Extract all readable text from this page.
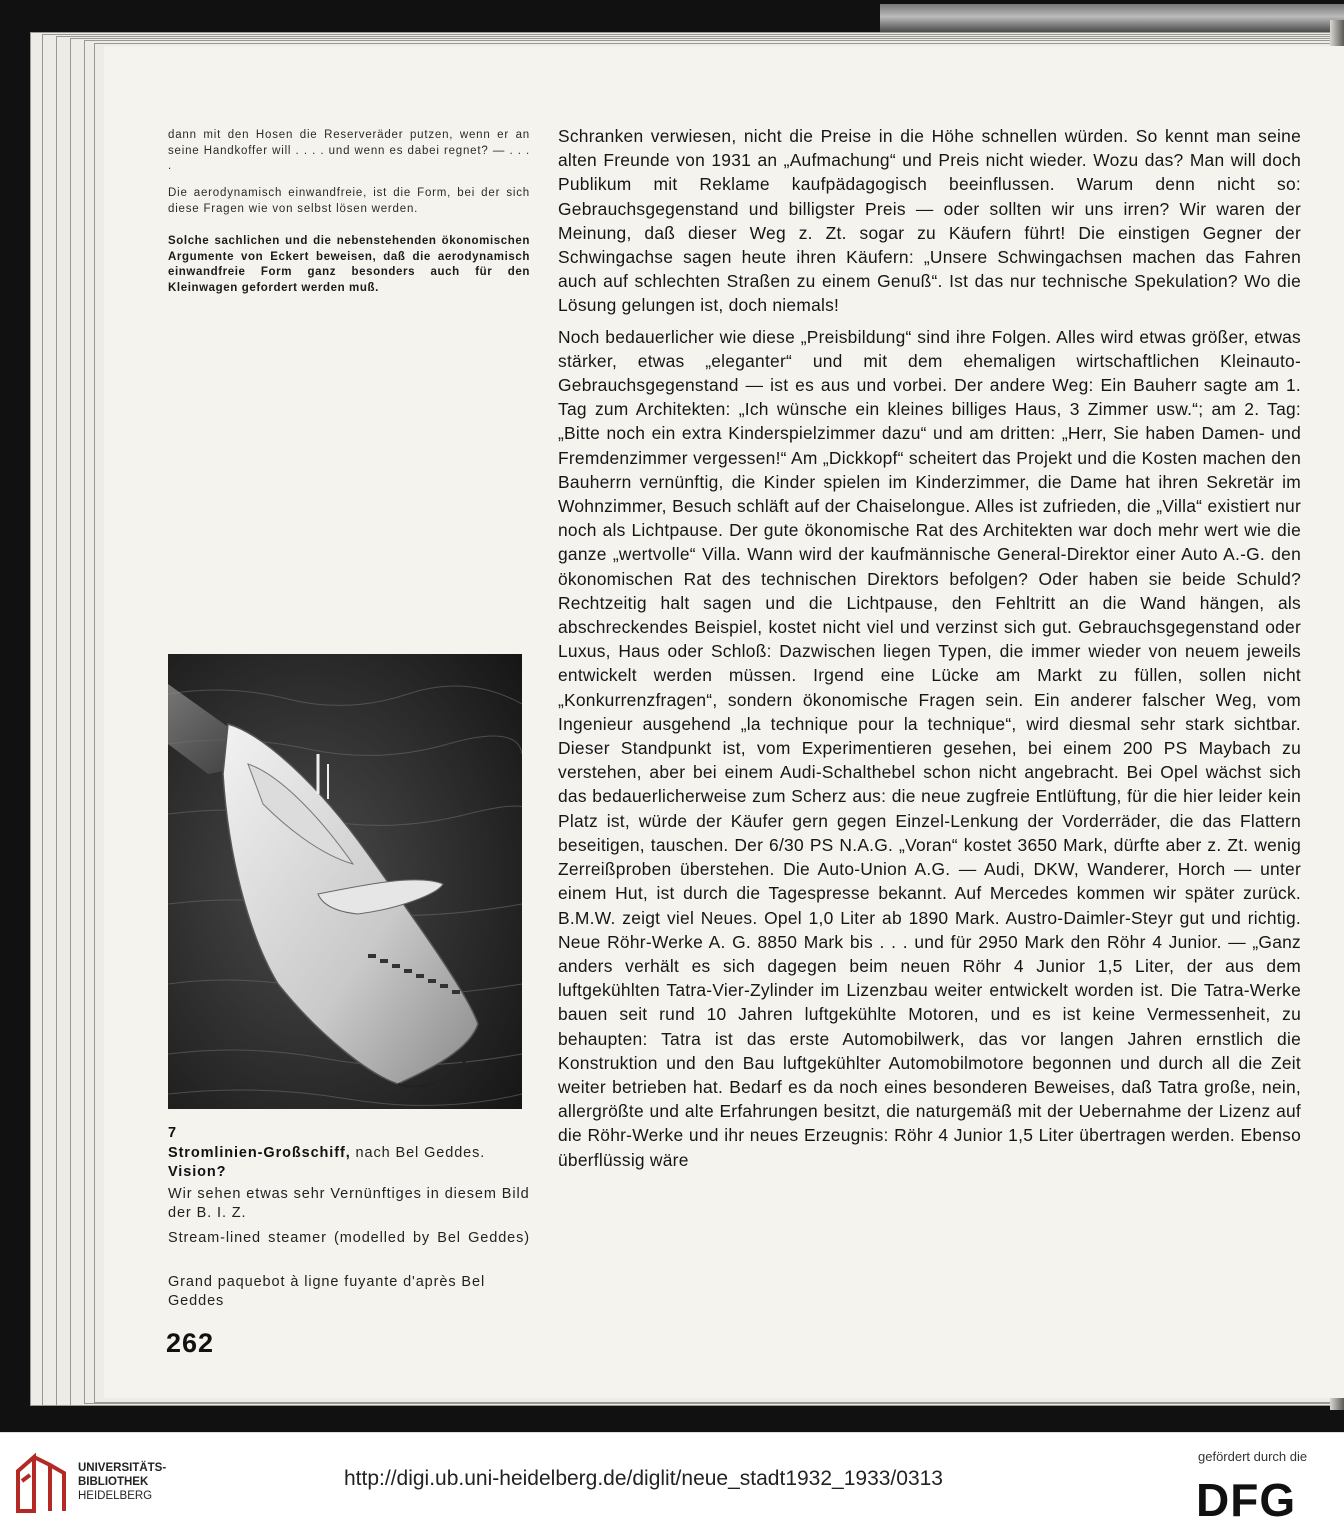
dann mit den Hosen die Reserveräder putzen, wenn er an seine Handkoffer will . . . . und wenn es dabei regnet? — . . . .
Die aerodynamisch einwandfreie, ist die Form, bei der sich diese Fragen wie von selbst lösen werden.
Solche sachlichen und die nebenstehenden ökonomischen Argumente von Eckert beweisen, daß die aerodynamisch einwandfreie Form ganz besonders auch für den Kleinwagen gefordert werden muß.
7
Stromlinien-Großschiff, nach Bel Geddes.
Vision?
Wir sehen etwas sehr Vernünftiges in diesem Bild der B. I. Z.
Stream-lined steamer (modelled by Bel Geddes)
Grand paquebot à ligne fuyante d'après Bel Geddes
262

Schranken verwiesen, nicht die Preise in die Höhe schnellen würden. So kennt man seine alten Freunde von 1931 an „Aufmachung“ und Preis nicht wieder. Wozu das? Man will doch Publikum mit Reklame kaufpädagogisch beeinflussen. Warum denn nicht so: Gebrauchsgegenstand und billigster Preis — oder sollten wir uns irren? Wir waren der Meinung, daß dieser Weg z. Zt. sogar zu Käufern führt! Die einstigen Gegner der Schwingachse sagen heute ihren Käufern: „Unsere Schwingachsen machen das Fahren auch auf schlechten Straßen zu einem Genuß“. Ist das nur technische Spekulation? Wo die Lösung gelungen ist, doch niemals!

Noch bedauerlicher wie diese „Preisbildung“ sind ihre Folgen. Alles wird etwas größer, etwas stärker, etwas „eleganter“ und mit dem ehemaligen wirtschaftlichen Kleinauto-Gebrauchsgegenstand — ist es aus und vorbei. Der andere Weg: Ein Bauherr sagte am 1. Tag zum Architekten: „Ich wünsche ein kleines billiges Haus, 3 Zimmer usw.“; am 2. Tag: „Bitte noch ein extra Kinderspielzimmer dazu“ und am dritten: „Herr, Sie haben Damen- und Fremdenzimmer vergessen!“ Am „Dickkopf“ scheitert das Projekt und die Kosten machen den Bauherrn vernünftig, die Kinder spielen im Kinderzimmer, die Dame hat ihren Sekretär im Wohnzimmer, Besuch schläft auf der Chaiselongue. Alles ist zufrieden, die „Villa“ existiert nur noch als Lichtpause. Der gute ökonomische Rat des Architekten war doch mehr wert wie die ganze „wertvolle“ Villa. Wann wird der kaufmännische General-Direktor einer Auto A.-G. den ökonomischen Rat des technischen Direktors befolgen? Oder haben sie beide Schuld? Rechtzeitig halt sagen und die Lichtpause, den Fehltritt an die Wand hängen, als abschreckendes Beispiel, kostet nicht viel und verzinst sich gut. Gebrauchsgegenstand oder Luxus, Haus oder Schloß: Dazwischen liegen Typen, die immer wieder von neuem jeweils entwickelt werden müssen. Irgend eine Lücke am Markt zu füllen, sollen nicht „Konkurrenzfragen“, sondern ökonomische Fragen sein. Ein anderer falscher Weg, vom Ingenieur ausgehend „la technique pour la technique“, wird diesmal sehr stark sichtbar. Dieser Standpunkt ist, vom Experimentieren gesehen, bei einem 200 PS Maybach zu verstehen, aber bei einem Audi-Schalthebel schon nicht angebracht. Bei Opel wächst sich das bedauerlicherweise zum Scherz aus: die neue zugfreie Entlüftung, für die hier leider kein Platz ist, würde der Käufer gern gegen Einzel-Lenkung der Vorderräder, die das Flattern beseitigen, tauschen. Der 6/30 PS N.A.G. „Voran“ kostet 3650 Mark, dürfte aber z. Zt. wenig Zerreißproben überstehen. Die Auto-Union A.G. — Audi, DKW, Wanderer, Horch — unter einem Hut, ist durch die Tagespresse bekannt. Auf Mercedes kommen wir später zurück. B.M.W. zeigt viel Neues. Opel 1,0 Liter ab 1890 Mark. Austro-Daimler-Steyr gut und richtig. Neue Röhr-Werke A. G. 8850 Mark bis . . . und für 2950 Mark den Röhr 4 Junior. — „Ganz anders verhält es sich dagegen beim neuen Röhr 4 Junior 1,5 Liter, der aus dem luftgekühlten Tatra-Vier-Zylinder im Lizenzbau weiter entwickelt worden ist. Die Tatra-Werke bauen seit rund 10 Jahren luftgekühlte Motoren, und es ist keine Vermessenheit, zu behaupten: Tatra ist das erste Automobilwerk, das vor langen Jahren ernstlich die Konstruktion und den Bau luftgekühlter Automobilmotore begonnen und durch all die Zeit weiter betrieben hat. Bedarf es da noch eines besonderen Beweises, daß Tatra große, nein, allergrößte und alte Erfahrungen besitzt, die naturgemäß mit der Uebernahme der Lizenz auf die Röhr-Werke und ihr neues Erzeugnis: Röhr 4 Junior 1,5 Liter übertragen werden. Ebenso überflüssig wäre

UNIVERSITÄTS-
BIBLIOTHEK
HEIDELBERG
http://digi.ub.uni-heidelberg.de/diglit/neue_stadt1932_1933/0313
gefördert durch die
DFG
